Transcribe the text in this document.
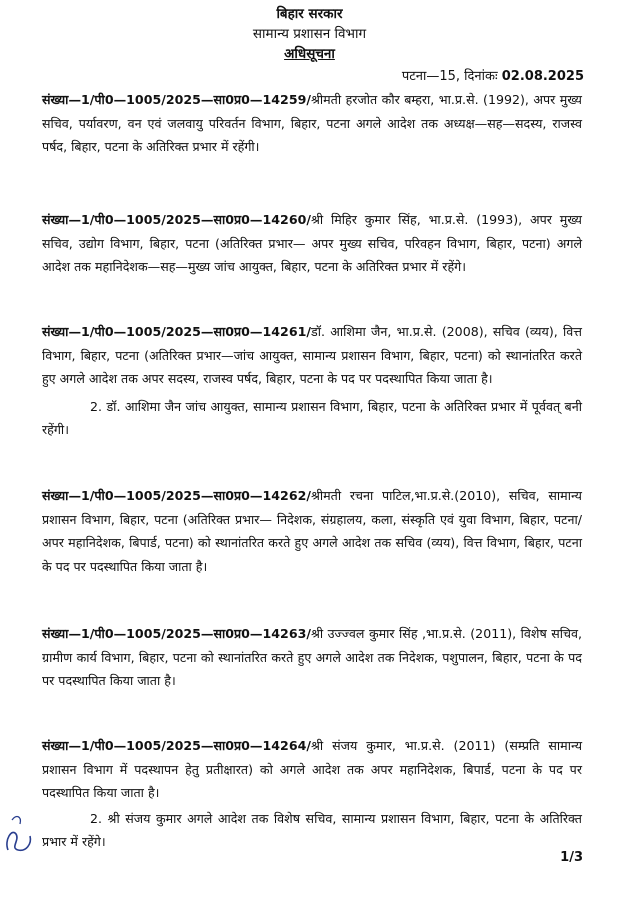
बिहार सरकार
सामान्य प्रशासन विभाग
अधिसूचना
पटना—15, दिनांकः 02.08.2025
संख्या—1/पी0—1005/2025—सा0प्र0—14259/श्रीमती हरजोत कौर बम्हरा, भा.प्र.से. (1992), अपर मुख्य सचिव, पर्यावरण, वन एवं जलवायु परिवर्तन विभाग, बिहार, पटना अगले आदेश तक अध्यक्ष—सह—सदस्य, राजस्व पर्षद, बिहार, पटना के अतिरिक्त प्रभार में रहेंगी।
संख्या—1/पी0—1005/2025—सा0प्र0—14260/श्री मिहिर कुमार सिंह, भा.प्र.से. (1993), अपर मुख्य सचिव, उद्योग विभाग, बिहार, पटना (अतिरिक्त प्रभार— अपर मुख्य सचिव, परिवहन विभाग, बिहार, पटना) अगले आदेश तक महानिदेशक—सह—मुख्य जांच आयुक्त, बिहार, पटना के अतिरिक्त प्रभार में रहेंगे।
संख्या—1/पी0—1005/2025—सा0प्र0—14261/डॉ. आशिमा जैन, भा.प्र.से. (2008), सचिव (व्यय), वित्त विभाग, बिहार, पटना (अतिरिक्त प्रभार—जांच आयुक्त, सामान्य प्रशासन विभाग, बिहार, पटना) को स्थानांतरित करते हुए अगले आदेश तक अपर सदस्य, राजस्व पर्षद, बिहार, पटना के पद पर पदस्थापित किया जाता है।
2. डॉ. आशिमा जैन जांच आयुक्त, सामान्य प्रशासन विभाग, बिहार, पटना के अतिरिक्त प्रभार में पूर्ववत् बनी रहेंगी।
संख्या—1/पी0—1005/2025—सा0प्र0—14262/श्रीमती रचना पाटिल,भा.प्र.से.(2010), सचिव, सामान्य प्रशासन विभाग, बिहार, पटना (अतिरिक्त प्रभार— निदेशक, संग्रहालय, कला, संस्कृति एवं युवा विभाग, बिहार, पटना/अपर महानिदेशक, बिपार्ड, पटना) को स्थानांतरित करते हुए अगले आदेश तक सचिव (व्यय), वित्त विभाग, बिहार, पटना के पद पर पदस्थापित किया जाता है।
संख्या—1/पी0—1005/2025—सा0प्र0—14263/श्री उज्ज्वल कुमार सिंह ,भा.प्र.से. (2011), विशेष सचिव, ग्रामीण कार्य विभाग, बिहार, पटना को स्थानांतरित करते हुए अगले आदेश तक निदेशक, पशुपालन, बिहार, पटना के पद पर पदस्थापित किया जाता है।
संख्या—1/पी0—1005/2025—सा0प्र0—14264/श्री संजय कुमार, भा.प्र.से. (2011) (सम्प्रति सामान्य प्रशासन विभाग में पदस्थापन हेतु प्रतीक्षारत) को अगले आदेश तक अपर महानिदेशक, बिपार्ड, पटना के पद पर पदस्थापित किया जाता है।
2. श्री संजय कुमार अगले आदेश तक विशेष सचिव, सामान्य प्रशासन विभाग, बिहार, पटना के अतिरिक्त प्रभार में रहेंगे।
1/3
